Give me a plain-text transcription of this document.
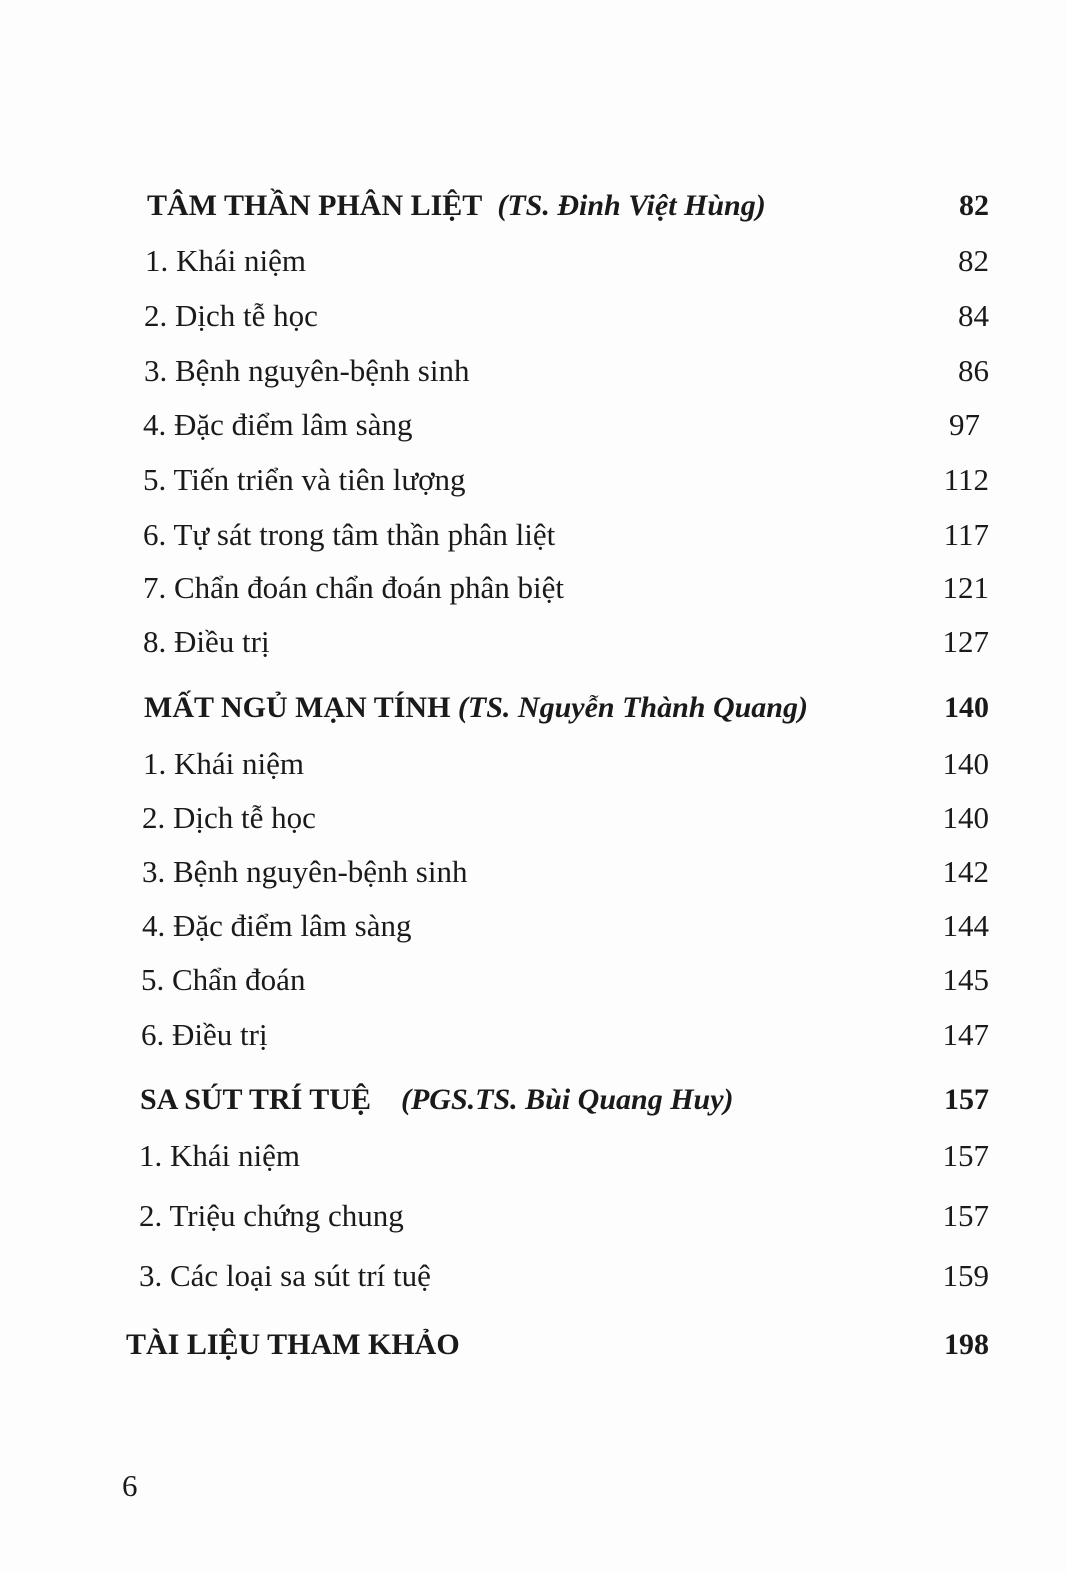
TÂM THẦN PHÂN LIỆT (TS. Đinh Việt Hùng)	82
1. Khái niệm	82
2. Dịch tễ học	84
3. Bệnh nguyên-bệnh sinh	86
4. Đặc điểm lâm sàng	97
5. Tiến triển và tiên lượng	112
6. Tự sát trong tâm thần phân liệt	117
7. Chẩn đoán chẩn đoán phân biệt	121
8. Điều trị	127
MẤT NGỦ MẠN TÍNH (TS. Nguyễn Thành Quang)	140
1. Khái niệm	140
2. Dịch tễ học	140
3. Bệnh nguyên-bệnh sinh	142
4. Đặc điểm lâm sàng	144
5. Chẩn đoán	145
6. Điều trị	147
SA SÚT TRÍ TUỆ (PGS.TS. Bùi Quang Huy)	157
1. Khái niệm	157
2. Triệu chứng chung	157
3. Các loại sa sút trí tuệ	159
TÀI LIỆU THAM KHẢO	198
6
